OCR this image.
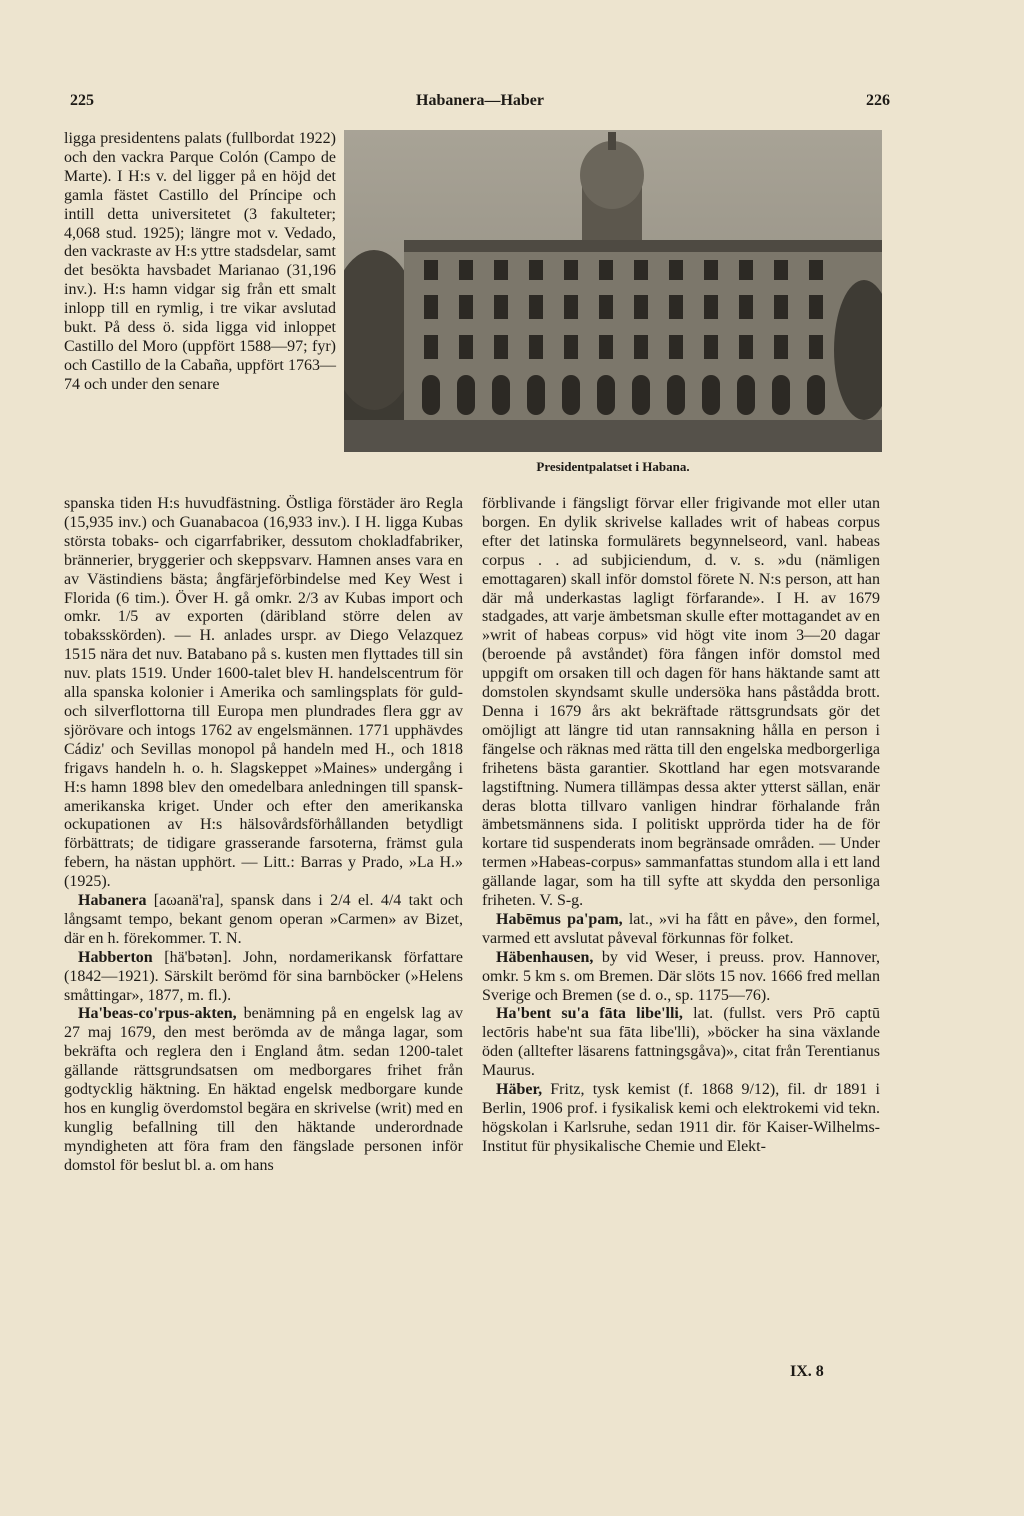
225	Habanera—Haber	226

ligga presidentens palats (fullbordat 1922) och den vackra Parque Colón (Campo de Marte). I H:s v. del ligger på en höjd det gamla fästet Castillo del Príncipe och intill detta universitetet (3 fakulteter; 4,068 stud. 1925); längre mot v. Vedado, den vackraste av H:s yttre stadsdelar, samt det besökta havsbadet Marianao (31,196 inv.). H:s hamn vidgar sig från ett smalt inlopp till en rymlig, i tre vikar avslutad bukt. På dess ö. sida ligga vid inloppet Castillo del Moro (uppfört 1588—97; fyr) och Castillo de la Cabaña, uppfört 1763—74 och under den senare

Presidentpalatset i Habana.

spanska tiden H:s huvudfästning. Östliga förstäder äro Regla (15,935 inv.) och Guanabacoa (16,933 inv.). I H. ligga Kubas största tobaks- och cigarrfabriker, dessutom chokladfabriker, brännerier, bryggerier och skeppsvarv. Hamnen anses vara en av Västindiens bästa; ångfärjeförbindelse med Key West i Florida (6 tim.). Över H. gå omkr. 2/3 av Kubas import och omkr. 1/5 av exporten (däribland större delen av tobaksskörden). — H. anlades urspr. av Diego Velazquez 1515 nära det nuv. Batabano på s. kusten men flyttades till sin nuv. plats 1519. Under 1600-talet blev H. handelscentrum för alla spanska kolonier i Amerika och samlingsplats för guld- och silverflottorna till Europa men plundrades flera ggr av sjörövare och intogs 1762 av engelsmännen. 1771 upphävdes Cádiz' och Sevillas monopol på handeln med H., och 1818 frigavs handeln h. o. h. Slagskeppet »Maines» undergång i H:s hamn 1898 blev den omedelbara anledningen till spansk-amerikanska kriget. Under och efter den amerikanska ockupationen av H:s hälsovårdsförhållanden betydligt förbättrats; de tidigare grasserande farsoterna, främst gula febern, ha nästan upphört. — Litt.: Barras y Prado, »La H.» (1925).

Habanera [aωanä'ra], spansk dans i 2/4 el. 4/4 takt och långsamt tempo, bekant genom operan »Carmen» av Bizet, där en h. förekommer. T. N.

Habberton [hä'bətən]. John, nordamerikansk författare (1842—1921). Särskilt berömd för sina barnböcker (»Helens småttingar», 1877, m. fl.).

Ha'beas-co'rpus-akten, benämning på en engelsk lag av 27 maj 1679, den mest berömda av de många lagar, som bekräfta och reglera den i England åtm. sedan 1200-talet gällande rättsgrundsatsen om medborgares frihet från godtycklig häktning. En häktad engelsk medborgare kunde hos en kunglig överdomstol begära en skrivelse (writ) med en kunglig befallning till den häktande underordnade myndigheten att föra fram den fängslade personen inför domstol för beslut bl. a. om hans

förblivande i fängsligt förvar eller frigivande mot eller utan borgen. En dylik skrivelse kallades writ of habeas corpus efter det latinska formulärets begynnelseord, vanl. habeas corpus . . ad subjiciendum, d. v. s. »du (nämligen emottagaren) skall inför domstol förete N. N:s person, att han där må underkastas lagligt förfarande». I H. av 1679 stadgades, att varje ämbetsman skulle efter mottagandet av en »writ of habeas corpus» vid högt vite inom 3—20 dagar (beroende på avståndet) föra fången inför domstol med uppgift om orsaken till och dagen för hans häktande samt att domstolen skyndsamt skulle undersöka hans påstådda brott. Denna i 1679 års akt bekräftade rättsgrundsats gör det omöjligt att längre tid utan rannsakning hålla en person i fängelse och räknas med rätta till den engelska medborgerliga frihetens bästa garantier. Skottland har egen motsvarande lagstiftning. Numera tillämpas dessa akter ytterst sällan, enär deras blotta tillvaro vanligen hindrar förhalande från ämbetsmännens sida. I politiskt upprörda tider ha de för kortare tid suspenderats inom begränsade områden. — Under termen »Habeas-corpus» sammanfattas stundom alla i ett land gällande lagar, som ha till syfte att skydda den personliga friheten. V. S-g.

Habēmus pa'pam, lat., »vi ha fått en påve», den formel, varmed ett avslutat påveval förkunnas för folket.

Häbenhausen, by vid Weser, i preuss. prov. Hannover, omkr. 5 km s. om Bremen. Där slöts 15 nov. 1666 fred mellan Sverige och Bremen (se d. o., sp. 1175—76).

Ha'bent su'a fāta libe'lli, lat. (fullst. vers Prō captū lectōris habe'nt sua fāta libe'lli), »böcker ha sina växlande öden (alltefter läsarens fattningsgåva)», citat från Terentianus Maurus.

Häber, Fritz, tysk kemist (f. 1868 9/12), fil. dr 1891 i Berlin, 1906 prof. i fysikalisk kemi och elektrokemi vid tekn. högskolan i Karlsruhe, sedan 1911 dir. för Kaiser-Wilhelms-Institut für physikalische Chemie und Elekt-

IX. 8
